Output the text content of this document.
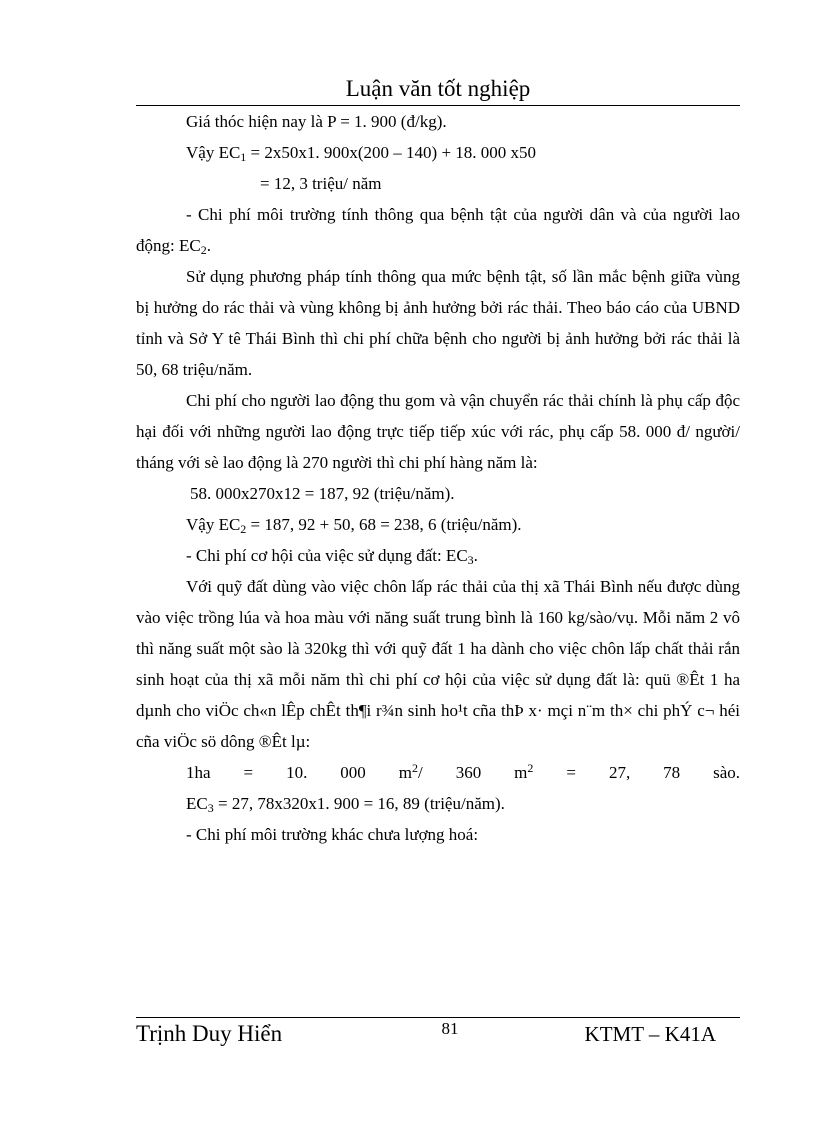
Luận văn tốt nghiệp
Giá thóc hiện nay là P = 1. 900 (đ/kg).
Vậy $EC_1 = 2x50x1$. 900x(200 – 140) + 18. 000 x50
= 12, 3 triệu/ năm

- Chi phí môi trường tính thông qua bệnh tật của người dân và của người lao động: $EC_2$.

Sử dụng phương pháp tính thông qua mức bệnh tật, số lần mắc bệnh giữa vùng bị hưởng do rác thải và vùng không bị ảnh hưởng bởi rác thải. Theo báo cáo của UBND tỉnh và Sở Y tê Thái Bình thì chi phí chữa bệnh cho người bị ảnh hưởng bởi rác thải là 50, 68 triệu/năm.

Chi phí cho người lao động thu gom và vận chuyển rác thải chính là phụ cấp độc hại đối với những người lao động trực tiếp tiếp xúc với rác, phụ cấp 58. 000 đ/ người/ tháng với sè lao động là 270 người thì chi phí hàng năm là:

58. 000x270x12 = 187, 92 (triệu/năm).
Vậy $EC_2 = 187$, 92 + 50, 68 = 238, 6 (triệu/năm).
- Chi phí cơ hội của việc sử dụng đất: $EC_3$.

Với quỹ đất dùng vào việc chôn lấp rác thải của thị xã Thái Bình nếu được dùng vào việc trồng lúa và hoa màu với năng suất trung bình là 160 kg/sào/vụ. Mỗi năm 2 vô thì năng suất một sào là 320kg thì với quỹ đất 1 ha dành cho việc chôn lấp chất thải rắn sinh hoạt của thị xã mỗi năm thì chi phí cơ hội của việc sử dụng đất là: quü ®Êt 1 ha dµnh cho viÖc ch«n lÊp chÊt th¶i r¾n sinh ho¹t cña thÞ x· mçi n¨m th× chi phÝ c¬ héi cña viÖc sö dông ®Êt lµ:

1ha = 10. 000 $m^2/$ 360 $m^2 = 27$, 78 sào.
$EC_3 = 27$, 78x320x1. 900 = 16, 89 (triệu/năm).
- Chi phí môi trường khác chưa lượng hoá:
Trịnh Duy Hiển	81	KTMT – K41A
